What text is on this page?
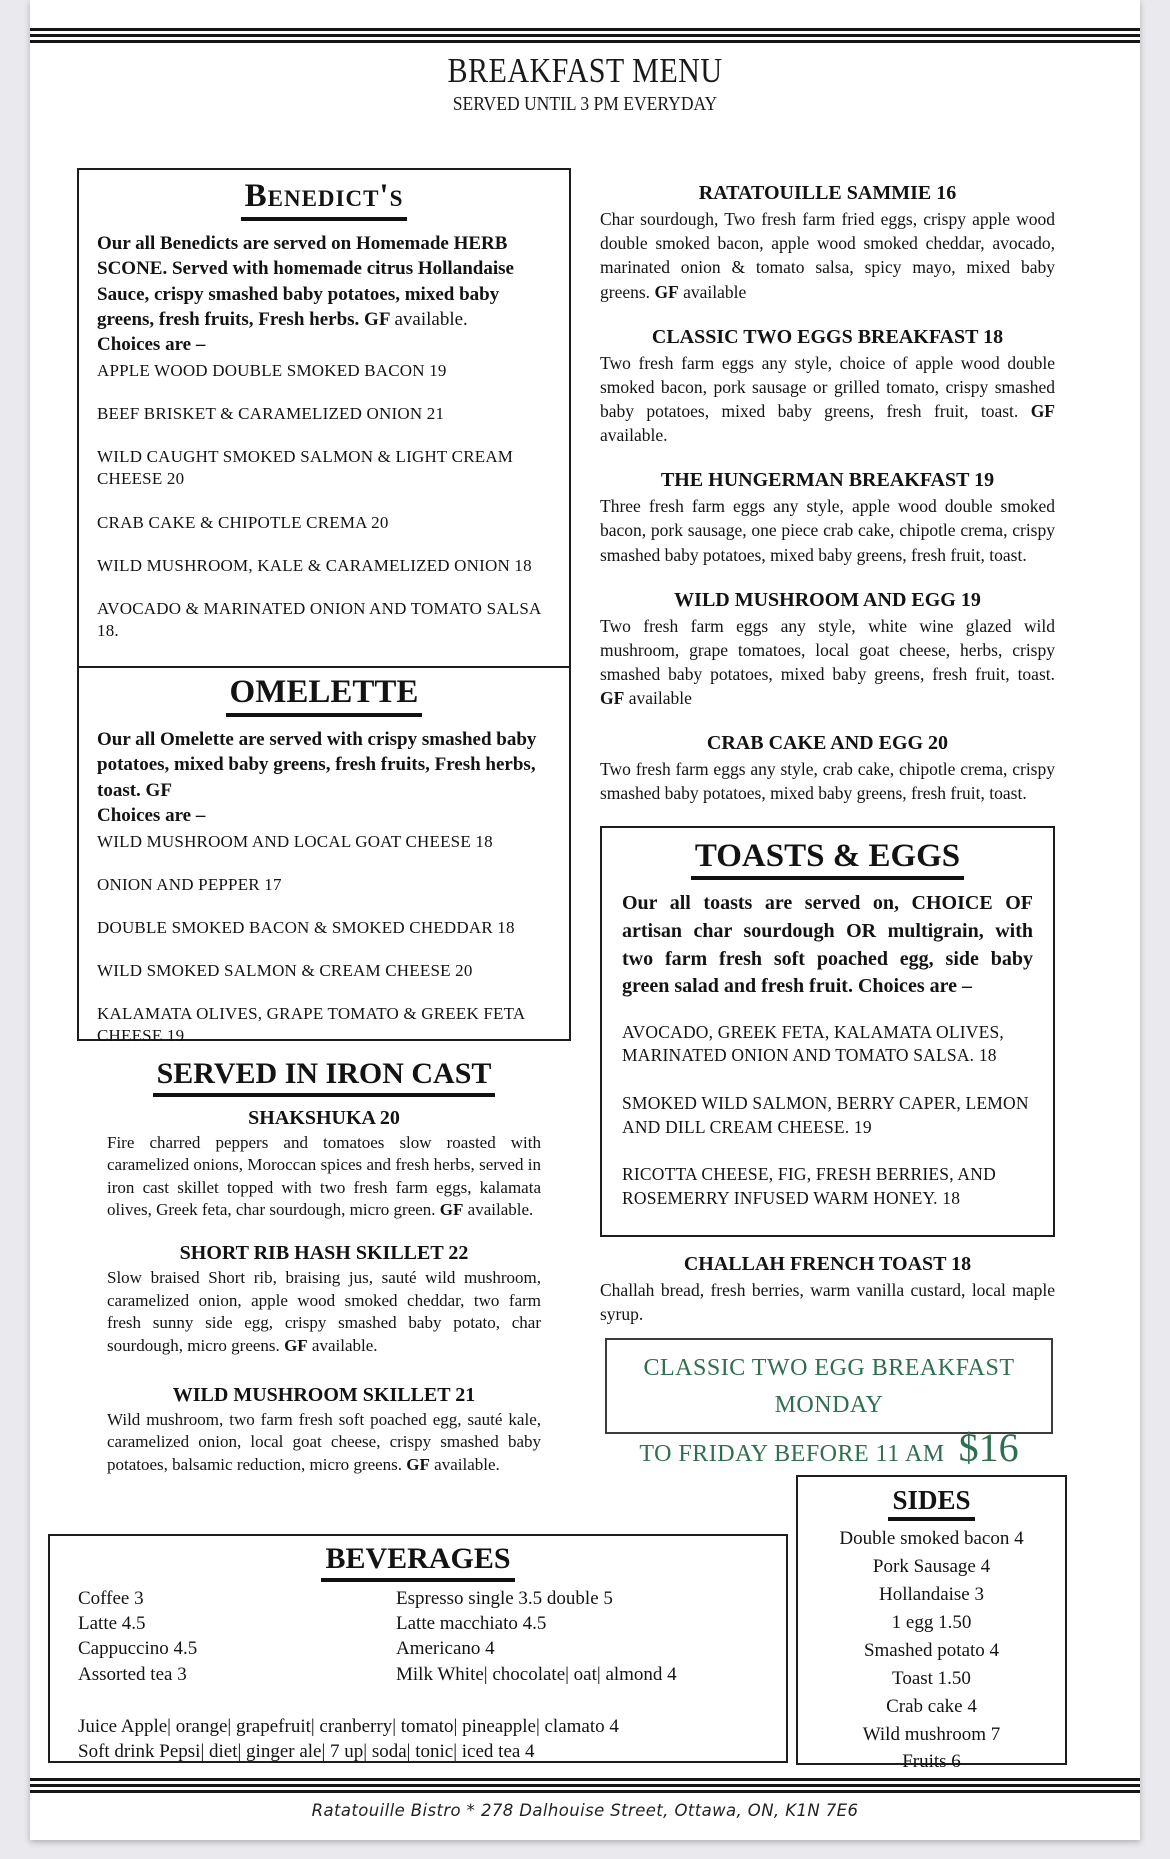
BREAKFAST MENU
SERVED UNTIL 3 PM EVERYDAY
Benedict's

Our all Benedicts are served on Homemade HERB SCONE. Served with homemade citrus Hollandaise Sauce, crispy smashed baby potatoes, mixed baby greens, fresh fruits, Fresh herbs. GF available.

Choices are –
APPLE WOOD DOUBLE SMOKED BACON 19
BEEF BRISKET & CARAMELIZED ONION 21
WILD CAUGHT SMOKED SALMON & LIGHT CREAM CHEESE 20
CRAB CAKE & CHIPOTLE CREMA 20
WILD MUSHROOM, KALE & CARAMELIZED ONION 18
AVOCADO & MARINATED ONION AND TOMATO SALSA 18.
OMELETTE

Our all Omelette are served with crispy smashed baby potatoes, mixed baby greens, fresh fruits, Fresh herbs, toast. GF

Choices are –
WILD MUSHROOM AND LOCAL GOAT CHEESE 18
ONION AND PEPPER 17
DOUBLE SMOKED BACON & SMOKED CHEDDAR 18
WILD SMOKED SALMON & CREAM CHEESE 20
KALAMATA OLIVES, GRAPE TOMATO & GREEK FETA CHEESE 19
SERVED IN IRON CAST
SHAKSHUKA 20
Fire charred peppers and tomatoes slow roasted with caramelized onions, Moroccan spices and fresh herbs, served in iron cast skillet topped with two fresh farm eggs, kalamata olives, Greek feta, char sourdough, micro green. GF available.
SHORT RIB HASH SKILLET 22
Slow braised Short rib, braising jus, sauté wild mushroom, caramelized onion, apple wood smoked cheddar, two farm fresh sunny side egg, crispy smashed baby potato, char sourdough, micro greens. GF available.
WILD MUSHROOM SKILLET 21
Wild mushroom, two farm fresh soft poached egg, sauté kale, caramelized onion, local goat cheese, crispy smashed baby potatoes, balsamic reduction, micro greens. GF available.
RATATOUILLE SAMMIE 16
Char sourdough, Two fresh farm fried eggs, crispy apple wood double smoked bacon, apple wood smoked cheddar, avocado, marinated onion & tomato salsa, spicy mayo, mixed baby greens. GF available
CLASSIC TWO EGGS BREAKFAST 18
Two fresh farm eggs any style, choice of apple wood double smoked bacon, pork sausage or grilled tomato, crispy smashed baby potatoes, mixed baby greens, fresh fruit, toast. GF available.
THE HUNGERMAN BREAKFAST 19
Three fresh farm eggs any style, apple wood double smoked bacon, pork sausage, one piece crab cake, chipotle crema, crispy smashed baby potatoes, mixed baby greens, fresh fruit, toast.
WILD MUSHROOM AND EGG 19
Two fresh farm eggs any style, white wine glazed wild mushroom, grape tomatoes, local goat cheese, herbs, crispy smashed baby potatoes, mixed baby greens, fresh fruit, toast. GF available
CRAB CAKE AND EGG 20
Two fresh farm eggs any style, crab cake, chipotle crema, crispy smashed baby potatoes, mixed baby greens, fresh fruit, toast.
TOASTS & EGGS

Our all toasts are served on, CHOICE OF artisan char sourdough OR multigrain, with two farm fresh soft poached egg, side baby green salad and fresh fruit. Choices are –

AVOCADO, GREEK FETA, KALAMATA OLIVES, MARINATED ONION AND TOMATO SALSA. 18
SMOKED WILD SALMON, BERRY CAPER, LEMON AND DILL CREAM CHEESE. 19
RICOTTA CHEESE, FIG, FRESH BERRIES, AND ROSEMERRY INFUSED WARM HONEY. 18
CHALLAH FRENCH TOAST 18
Challah bread, fresh berries, warm vanilla custard, local maple syrup.
CLASSIC TWO EGG BREAKFAST MONDAY
TO FRIDAY BEFORE 11 AM $16
SIDES
Double smoked bacon 4
Pork Sausage 4
Hollandaise 3
1 egg 1.50
Smashed potato 4
Toast 1.50
Crab cake 4
Wild mushroom 7
Fruits 6
BEVERAGES
Coffee 3
Latte 4.5
Cappuccino 4.5
Assorted tea 3
Espresso single 3.5 double 5
Latte macchiato 4.5
Americano 4
Milk White| chocolate| oat| almond 4
Juice Apple| orange| grapefruit| cranberry| tomato| pineapple| clamato 4
Soft drink Pepsi| diet| ginger ale| 7 up| soda| tonic| iced tea 4
Ratatouille Bistro * 278 Dalhouise Street, Ottawa, ON, K1N 7E6
